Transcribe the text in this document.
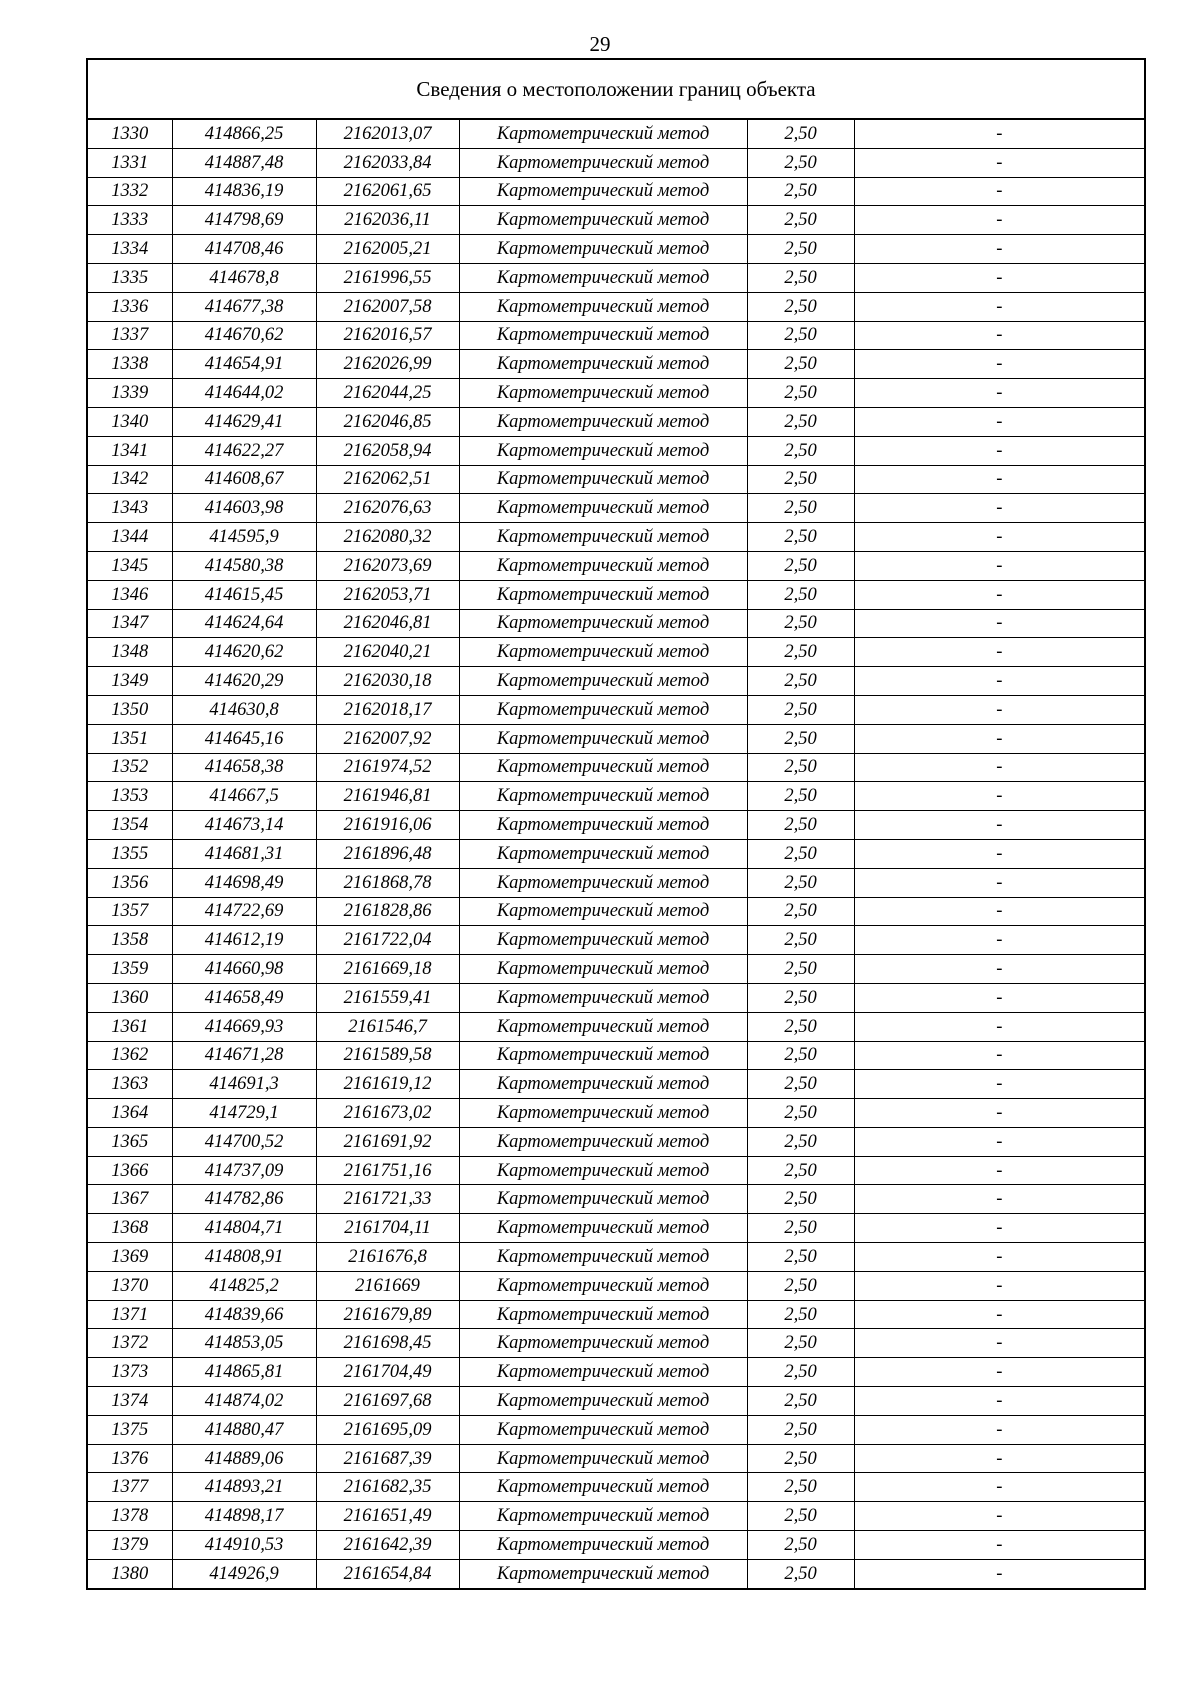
29
Сведения о местоположении границ объекта					
1330	414866,25	2162013,07	Картометрический метод	2,50	-
1331	414887,48	2162033,84	Картометрический метод	2,50	-
1332	414836,19	2162061,65	Картометрический метод	2,50	-
1333	414798,69	2162036,11	Картометрический метод	2,50	-
1334	414708,46	2162005,21	Картометрический метод	2,50	-
1335	414678,8	2161996,55	Картометрический метод	2,50	-
1336	414677,38	2162007,58	Картометрический метод	2,50	-
1337	414670,62	2162016,57	Картометрический метод	2,50	-
1338	414654,91	2162026,99	Картометрический метод	2,50	-
1339	414644,02	2162044,25	Картометрический метод	2,50	-
1340	414629,41	2162046,85	Картометрический метод	2,50	-
1341	414622,27	2162058,94	Картометрический метод	2,50	-
1342	414608,67	2162062,51	Картометрический метод	2,50	-
1343	414603,98	2162076,63	Картометрический метод	2,50	-
1344	414595,9	2162080,32	Картометрический метод	2,50	-
1345	414580,38	2162073,69	Картометрический метод	2,50	-
1346	414615,45	2162053,71	Картометрический метод	2,50	-
1347	414624,64	2162046,81	Картометрический метод	2,50	-
1348	414620,62	2162040,21	Картометрический метод	2,50	-
1349	414620,29	2162030,18	Картометрический метод	2,50	-
1350	414630,8	2162018,17	Картометрический метод	2,50	-
1351	414645,16	2162007,92	Картометрический метод	2,50	-
1352	414658,38	2161974,52	Картометрический метод	2,50	-
1353	414667,5	2161946,81	Картометрический метод	2,50	-
1354	414673,14	2161916,06	Картометрический метод	2,50	-
1355	414681,31	2161896,48	Картометрический метод	2,50	-
1356	414698,49	2161868,78	Картометрический метод	2,50	-
1357	414722,69	2161828,86	Картометрический метод	2,50	-
1358	414612,19	2161722,04	Картометрический метод	2,50	-
1359	414660,98	2161669,18	Картометрический метод	2,50	-
1360	414658,49	2161559,41	Картометрический метод	2,50	-
1361	414669,93	2161546,7	Картометрический метод	2,50	-
1362	414671,28	2161589,58	Картометрический метод	2,50	-
1363	414691,3	2161619,12	Картометрический метод	2,50	-
1364	414729,1	2161673,02	Картометрический метод	2,50	-
1365	414700,52	2161691,92	Картометрический метод	2,50	-
1366	414737,09	2161751,16	Картометрический метод	2,50	-
1367	414782,86	2161721,33	Картометрический метод	2,50	-
1368	414804,71	2161704,11	Картометрический метод	2,50	-
1369	414808,91	2161676,8	Картометрический метод	2,50	-
1370	414825,2	2161669	Картометрический метод	2,50	-
1371	414839,66	2161679,89	Картометрический метод	2,50	-
1372	414853,05	2161698,45	Картометрический метод	2,50	-
1373	414865,81	2161704,49	Картометрический метод	2,50	-
1374	414874,02	2161697,68	Картометрический метод	2,50	-
1375	414880,47	2161695,09	Картометрический метод	2,50	-
1376	414889,06	2161687,39	Картометрический метод	2,50	-
1377	414893,21	2161682,35	Картометрический метод	2,50	-
1378	414898,17	2161651,49	Картометрический метод	2,50	-
1379	414910,53	2161642,39	Картометрический метод	2,50	-
1380	414926,9	2161654,84	Картометрический метод	2,50	-
